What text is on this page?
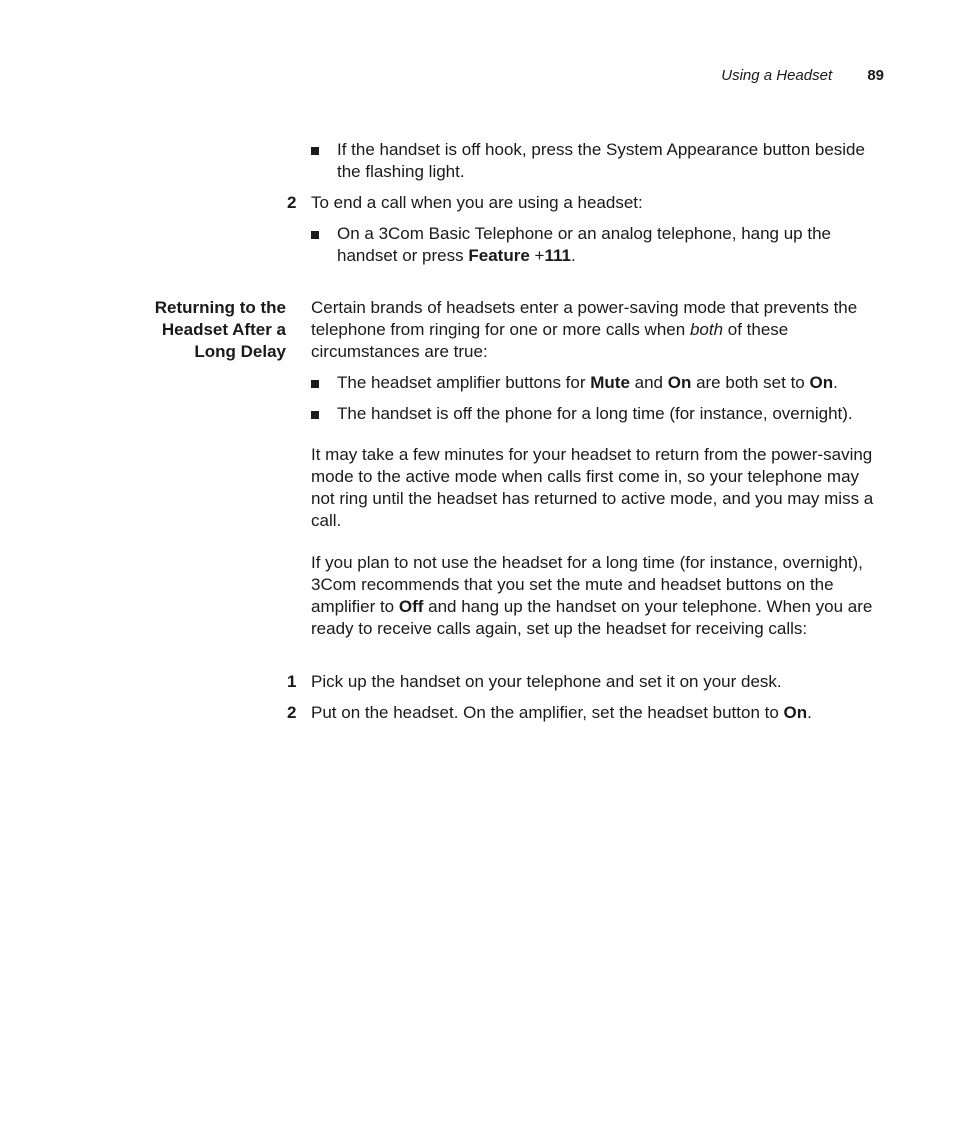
Using a Headset 89
If the handset is off hook, press the System Appearance button beside the flashing light.
2 To end a call when you are using a headset:
On a 3Com Basic Telephone or an analog telephone, hang up the handset or press Feature +111.
Returning to the
Headset After a
Long Delay
Certain brands of headsets enter a power-saving mode that prevents the telephone from ringing for one or more calls when both of these circumstances are true:
The headset amplifier buttons for Mute and On are both set to On.
The handset is off the phone for a long time (for instance, overnight).
It may take a few minutes for your headset to return from the power-saving mode to the active mode when calls first come in, so your telephone may not ring until the headset has returned to active mode, and you may miss a call.
If you plan to not use the headset for a long time (for instance, overnight), 3Com recommends that you set the mute and headset buttons on the amplifier to Off and hang up the handset on your telephone. When you are ready to receive calls again, set up the headset for receiving calls:
1 Pick up the handset on your telephone and set it on your desk.
2 Put on the headset. On the amplifier, set the headset button to On.
